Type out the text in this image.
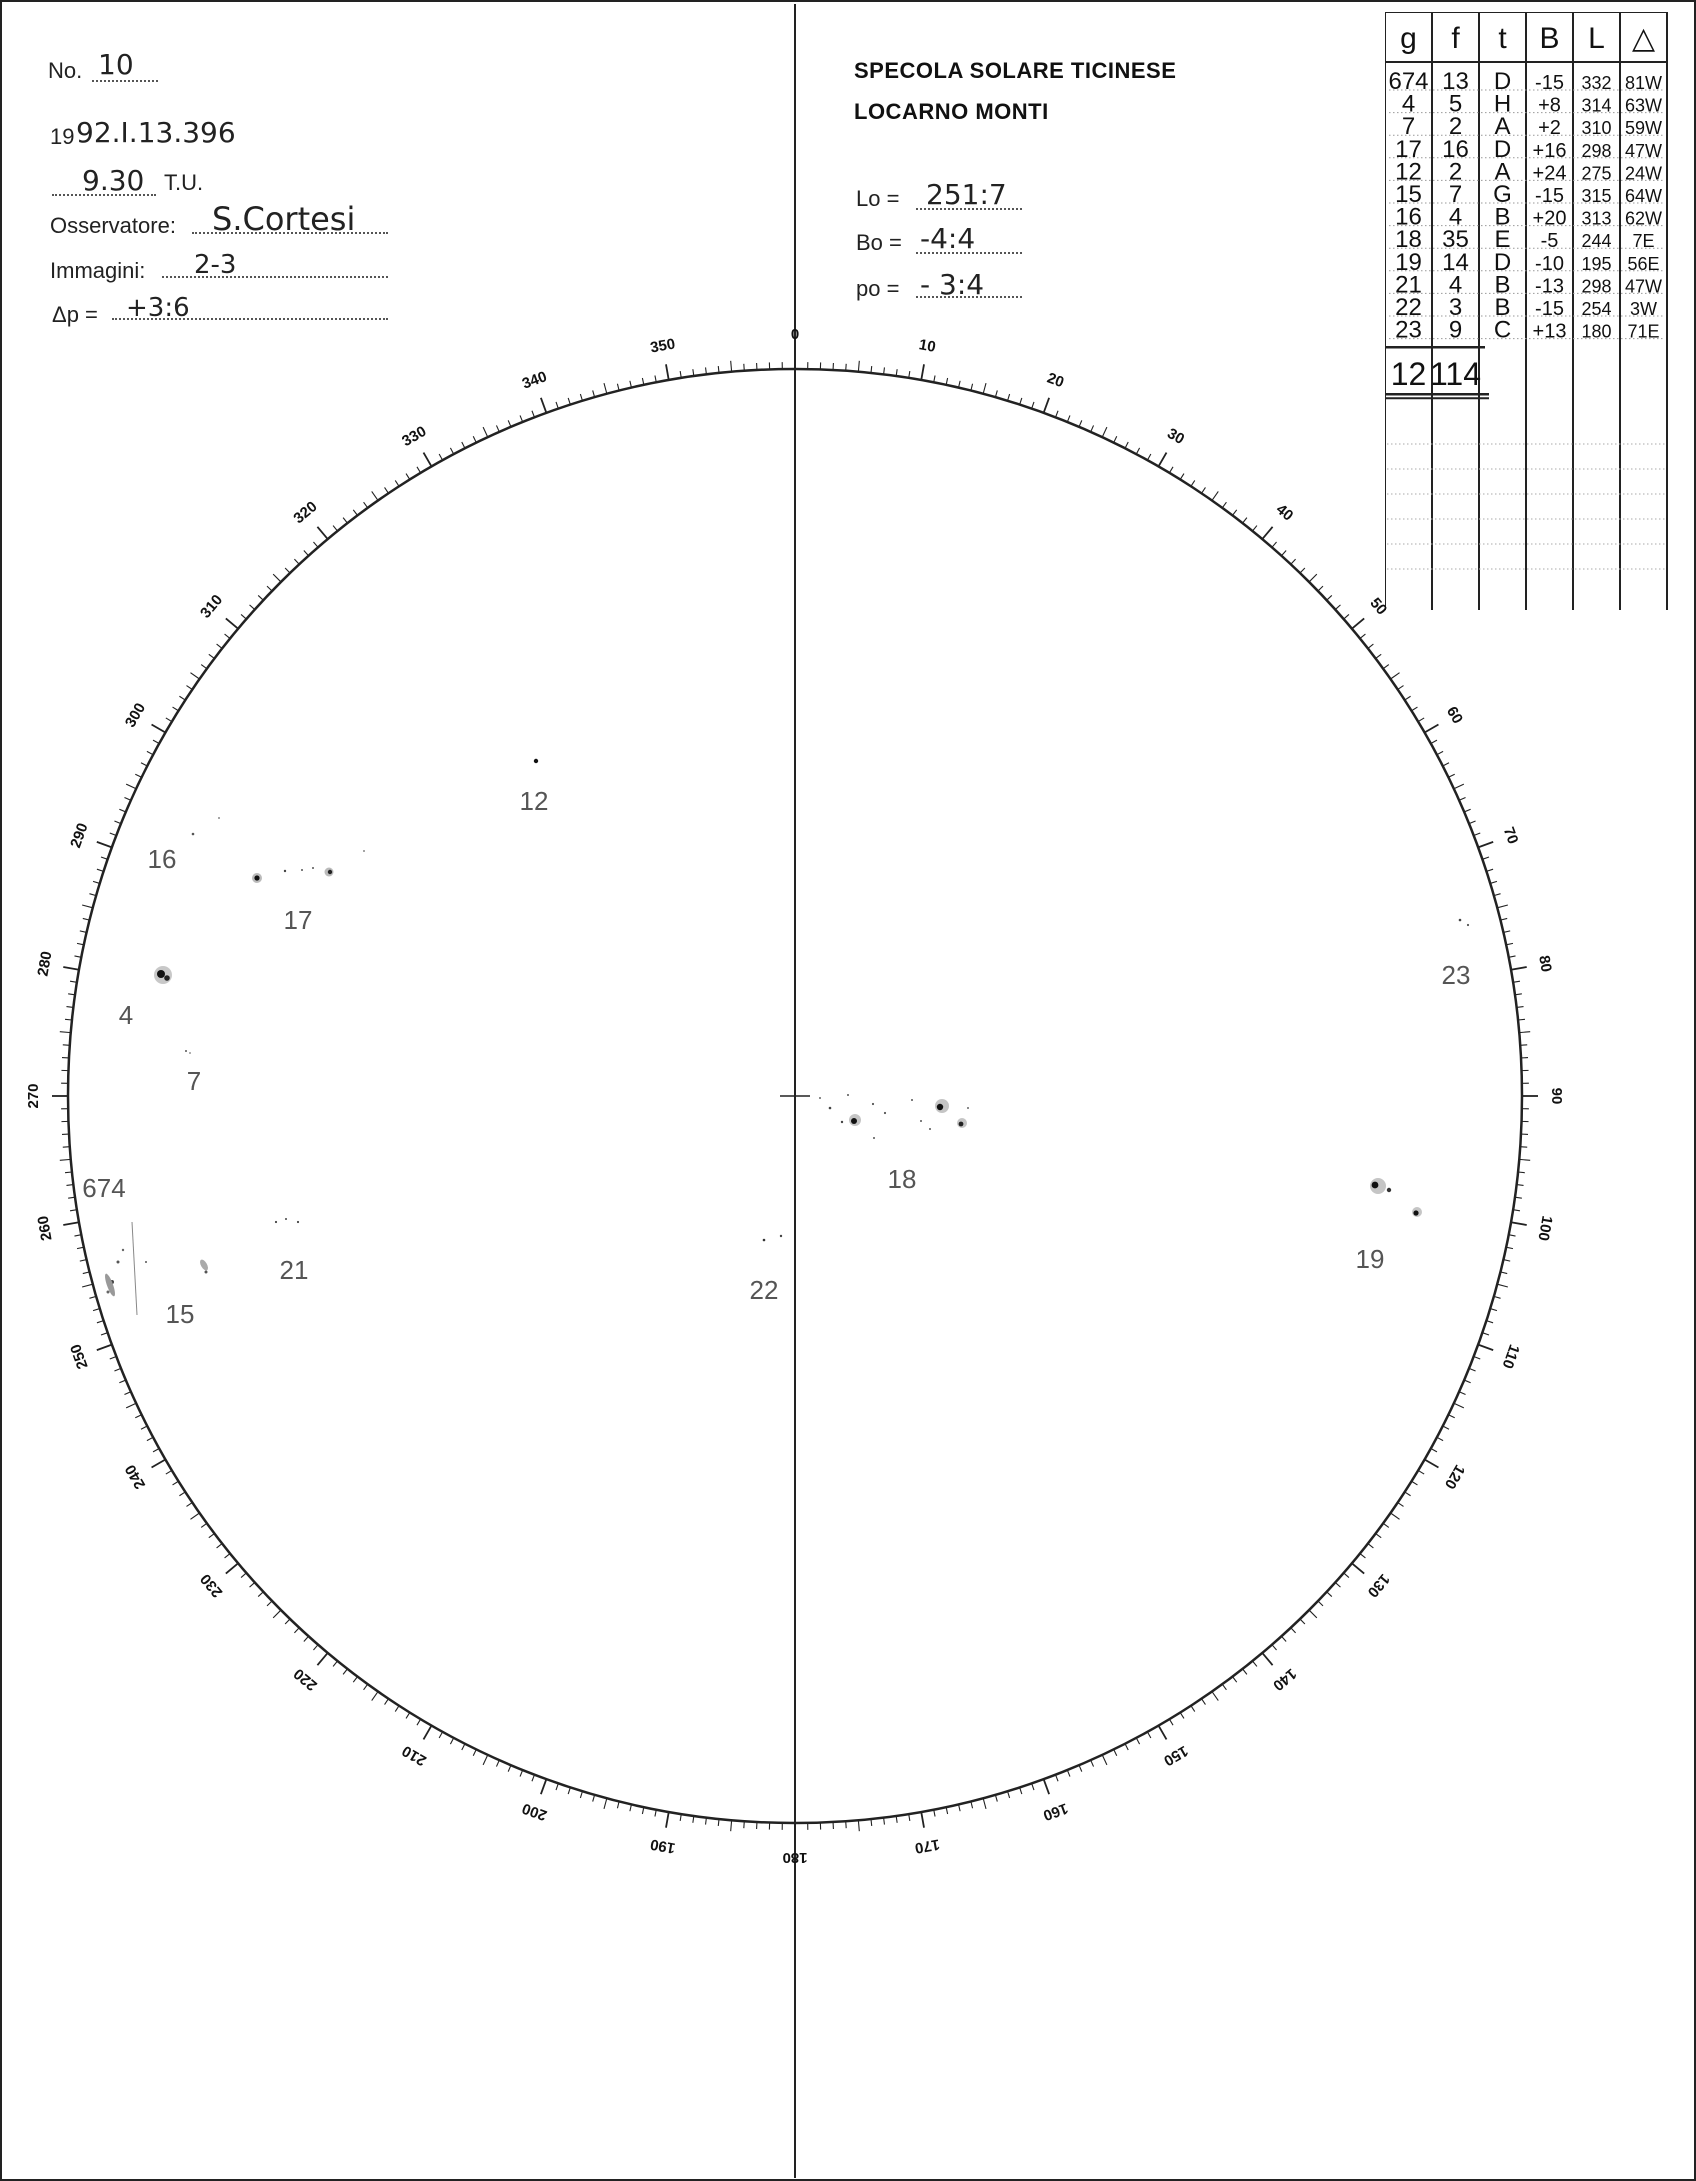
No. 10
19 92.I.13.396
9.30 T.U.
Osservatore: S.Cortesi
Immagini: 2-3
Δp = +3:6
SPECOLA SOLARE TICINESE
LOCARNO MONTI
Lo = 251:7
Bo = -4:4
po = - 3:4
g f t B L △
674 13 D -15 332 81W
4 5 H +8 314 63W
7 2 A +2 310 59W
17 16 D +16 298 47W
12 2 A +24 275 24W
15 7 G -15 315 64W
16 4 B +20 313 62W
18 35 E -5 244 7E
19 14 D -10 195 56E
21 4 B -13 298 47W
22 3 B -15 254 3W
23 9 C +13 180 71E
12 114
0
10
20
30
40
50
60
70
80
90
100
110
120
130
140
150
160
170
180
190
200
210
220
230
240
250
260
270
280
290
300
310
320
330
340
350
12
16
17
4
7
674
21
15
22
18
23
19
